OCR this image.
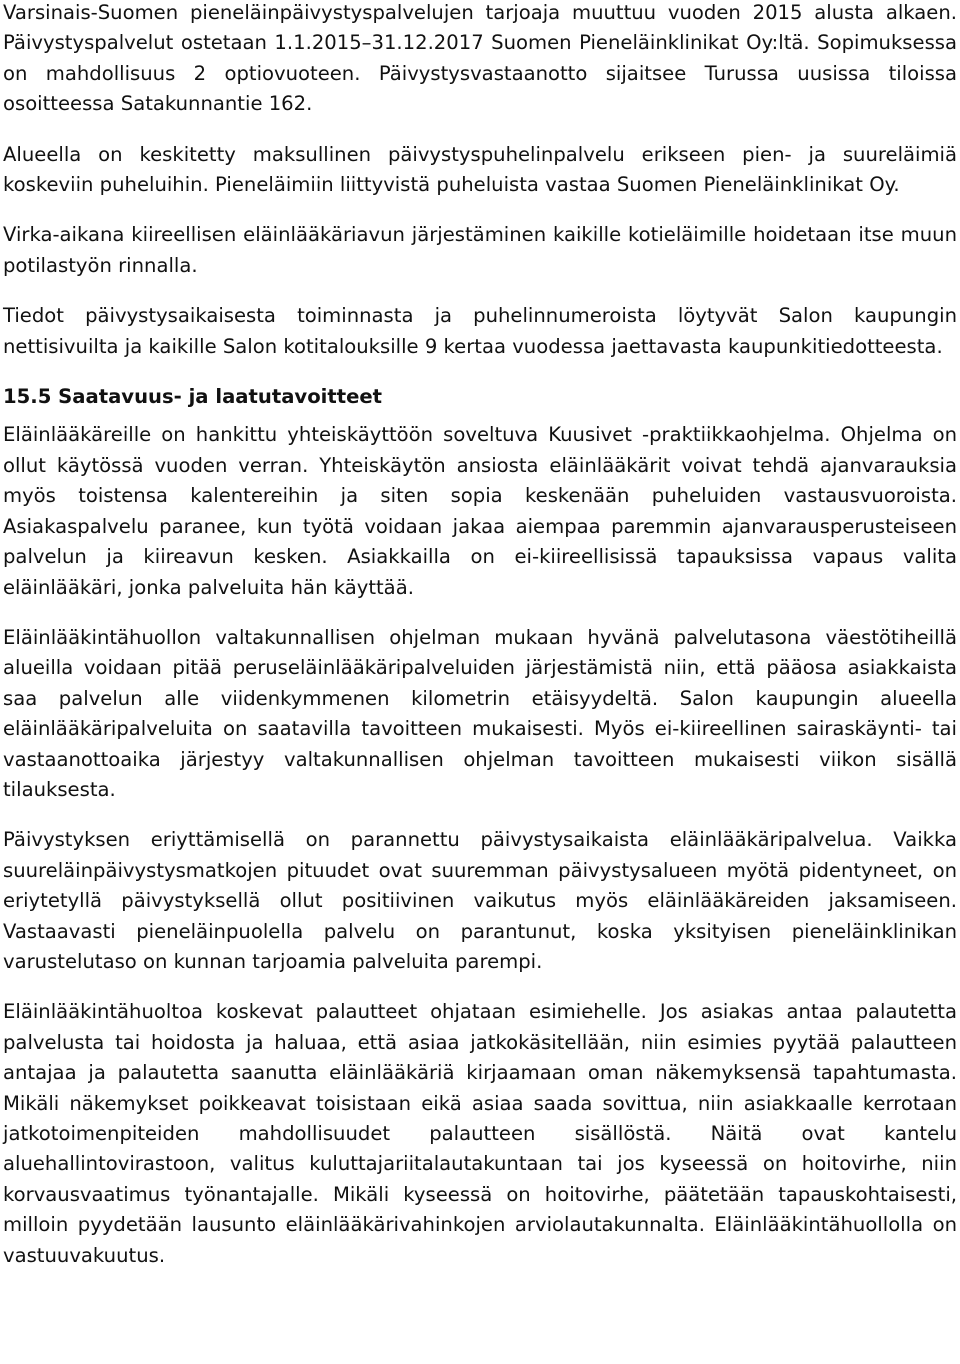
Varsinais-Suomen pieneläinpäivystyspalvelujen tarjoaja muuttuu vuoden 2015 alusta alkaen. Päivystyspalvelut ostetaan 1.1.2015–31.12.2017 Suomen Pieneläinklinikat Oy:ltä. Sopimuksessa on mahdollisuus 2 optiovuoteen. Päivystysvastaanotto sijaitsee Turussa uusissa tiloissa osoitteessa Satakunnantie 162.

Alueella on keskitetty maksullinen päivystyspuhelinpalvelu erikseen pien- ja suureläimiä koskeviin puheluihin. Pieneläimiin liittyvistä puheluista vastaa Suomen Pieneläinklinikat Oy.

Virka-aikana kiireellisen eläinlääkäriavun järjestäminen kaikille kotieläimille hoidetaan itse muun potilastyön rinnalla.

Tiedot päivystysaikaisesta toiminnasta ja puhelinnumeroista löytyvät Salon kaupungin nettisivuilta ja kaikille Salon kotitalouksille 9 kertaa vuodessa jaettavasta kaupunkitiedotteesta.

15.5 Saatavuus- ja laatutavoitteet

Eläinlääkäreille on hankittu yhteiskäyttöön soveltuva Kuusivet -praktiikkaohjelma. Ohjelma on ollut käytössä vuoden verran. Yhteiskäytön ansiosta eläinlääkärit voivat tehdä ajanvarauksia myös toistensa kalentereihin ja siten sopia keskenään puheluiden vastausvuoroista. Asiakaspalvelu paranee, kun työtä voidaan jakaa aiempaa paremmin ajanvarausperusteiseen palvelun ja kiireavun kesken. Asiakkailla on ei-kiireellisissä tapauksissa vapaus valita eläinlääkäri, jonka palveluita hän käyttää.

Eläinlääkintähuollon valtakunnallisen ohjelman mukaan hyvänä palvelutasona väestötiheillä alueilla voidaan pitää peruseläinlääkäripalveluiden järjestämistä niin, että pääosa asiakkaista saa palvelun alle viidenkymmenen kilometrin etäisyydeltä. Salon kaupungin alueella eläinlääkäripalveluita on saatavilla tavoitteen mukaisesti. Myös ei-kiireellinen sairaskäynti- tai vastaanottoaika järjestyy valtakunnallisen ohjelman tavoitteen mukaisesti viikon sisällä tilauksesta.

Päivystyksen eriyttämisellä on parannettu päivystysaikaista eläinlääkäripalvelua. Vaikka suureläinpäivystysmatkojen pituudet ovat suuremman päivystysalueen myötä pidentyneet, on eriytetyllä päivystyksellä ollut positiivinen vaikutus myös eläinlääkäreiden jaksamiseen. Vastaavasti pieneläinpuolella palvelu on parantunut, koska yksityisen pieneläinklinikan varustelutaso on kunnan tarjoamia palveluita parempi.

Eläinlääkintähuoltoa koskevat palautteet ohjataan esimiehelle. Jos asiakas antaa palautetta palvelusta tai hoidosta ja haluaa, että asiaa jatkokäsitellään, niin esimies pyytää palautteen antajaa ja palautetta saanutta eläinlääkäriä kirjaamaan oman näkemyksensä tapahtumasta. Mikäli näkemykset poikkeavat toisistaan eikä asiaa saada sovittua, niin asiakkaalle kerrotaan jatkotoimenpiteiden mahdollisuudet palautteen sisällöstä. Näitä ovat kantelu aluehallintovirastoon, valitus kuluttajariitalautakuntaan tai jos kyseessä on hoitovirhe, niin korvausvaatimus työnantajalle. Mikäli kyseessä on hoitovirhe, päätetään tapauskohtaisesti, milloin pyydetään lausunto eläinlääkärivahinkojen arviolautakunnalta. Eläinlääkintähuollolla on vastuuvakuutus.
